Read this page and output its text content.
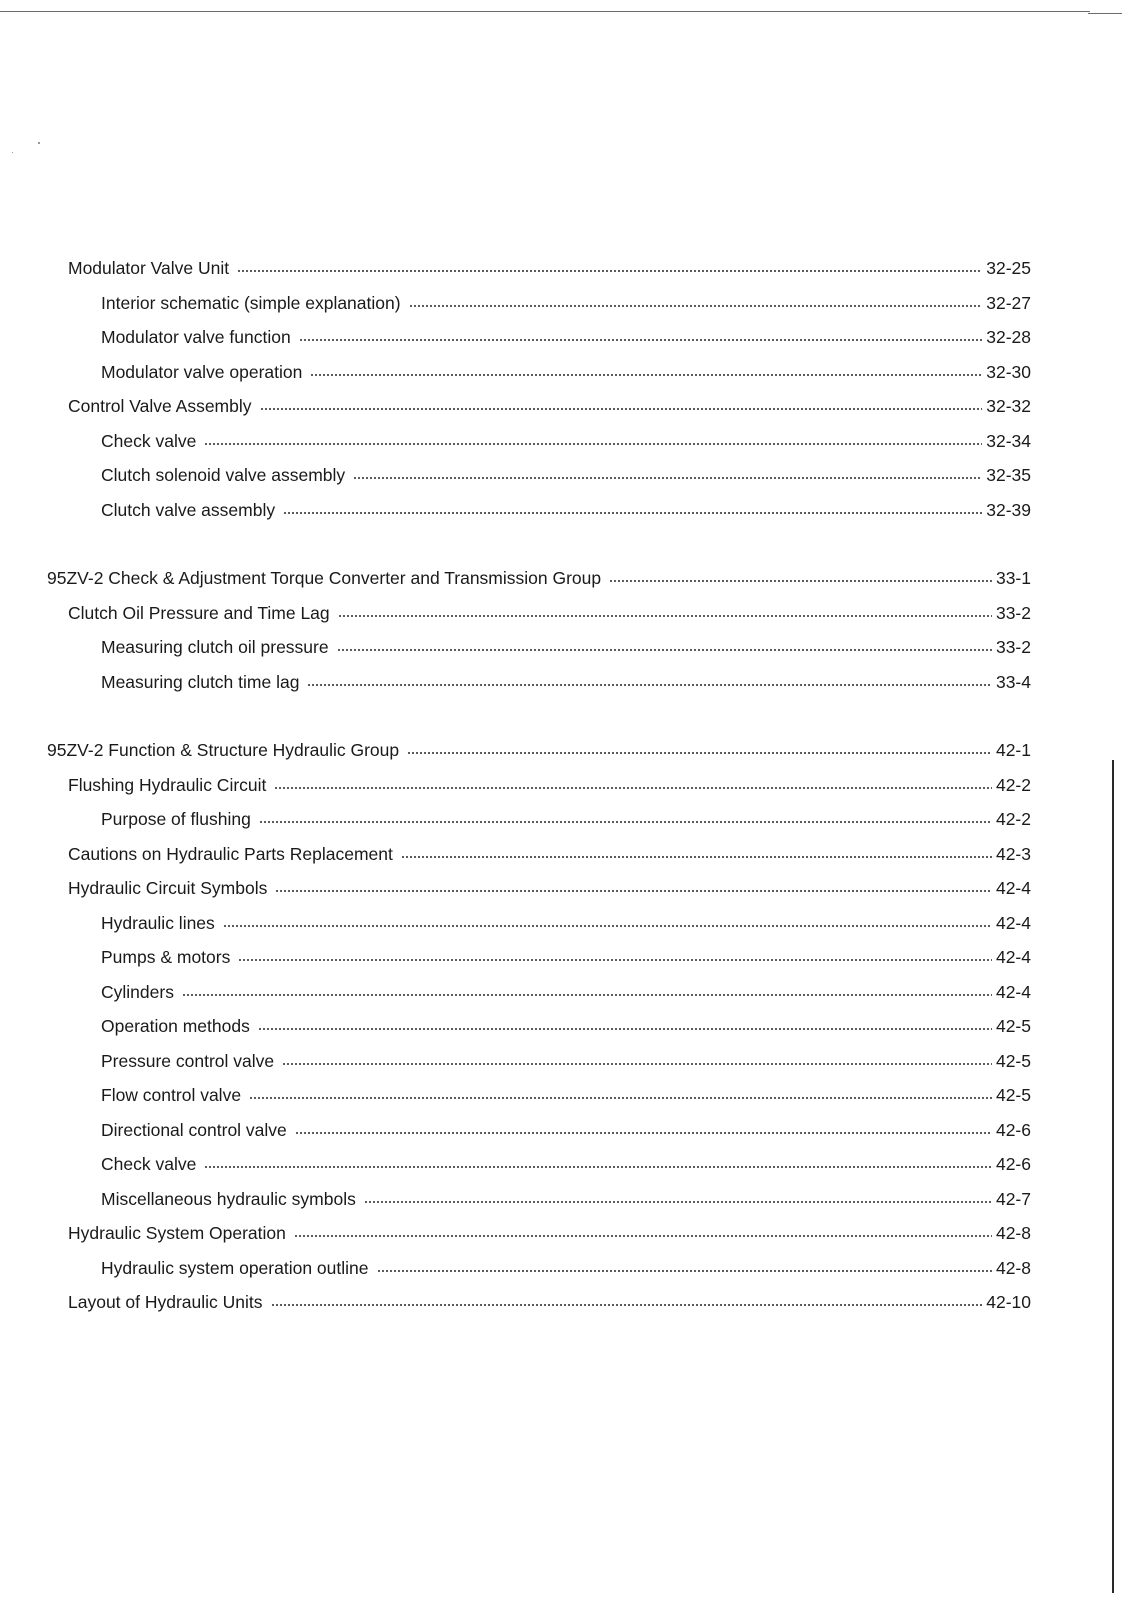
Modulator Valve Unit	32-25
Interior schematic (simple explanation)	32-27
Modulator valve function	32-28
Modulator valve operation	32-30
Control Valve Assembly	32-32
Check valve	32-34
Clutch solenoid valve assembly	32-35
Clutch valve assembly	32-39
95ZV-2 Check & Adjustment Torque Converter and Transmission Group	33-1
Clutch Oil Pressure and Time Lag	33-2
Measuring clutch oil pressure	33-2
Measuring clutch time lag	33-4
95ZV-2 Function & Structure Hydraulic Group	42-1
Flushing Hydraulic Circuit	42-2
Purpose of flushing	42-2
Cautions on Hydraulic Parts Replacement	42-3
Hydraulic Circuit Symbols	42-4
Hydraulic lines	42-4
Pumps & motors	42-4
Cylinders	42-4
Operation methods	42-5
Pressure control valve	42-5
Flow control valve	42-5
Directional control valve	42-6
Check valve	42-6
Miscellaneous hydraulic symbols	42-7
Hydraulic System Operation	42-8
Hydraulic system operation outline	42-8
Layout of Hydraulic Units	42-10
